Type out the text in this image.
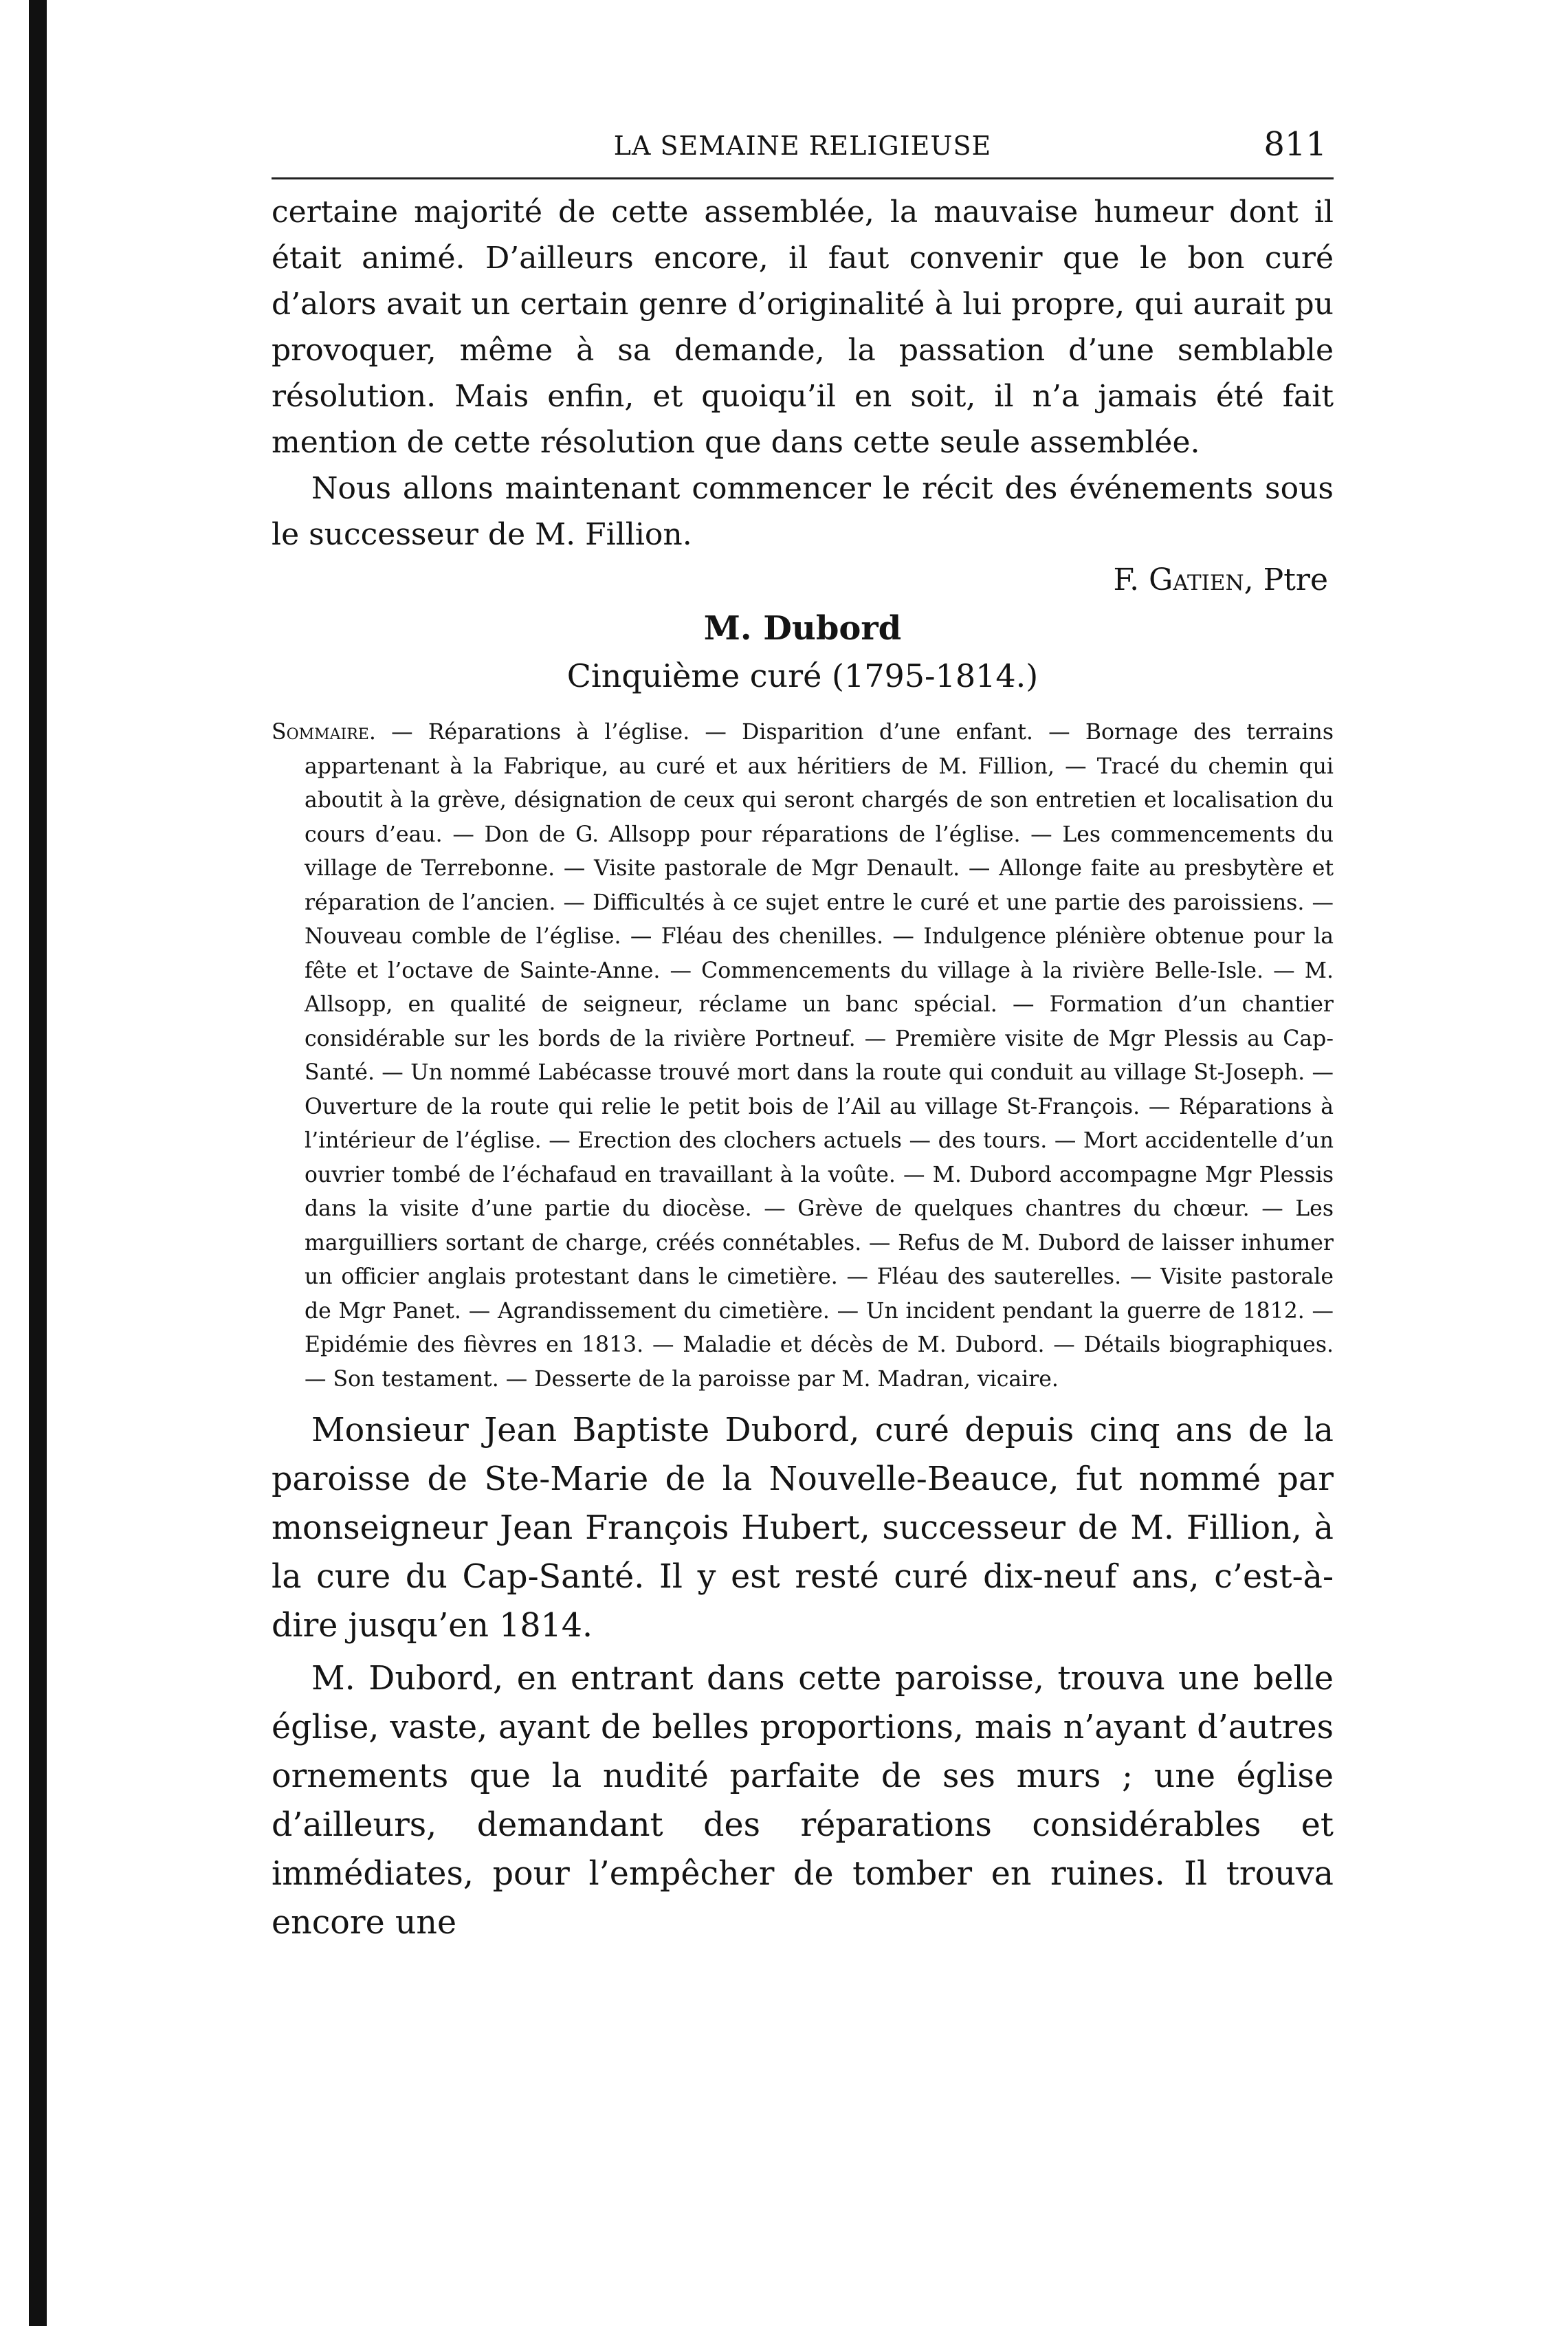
LA SEMAINE RELIGIEUSE	811

certaine majorité de cette assemblée, la mauvaise humeur dont il était animé. D’ailleurs encore, il faut convenir que le bon curé d’alors avait un certain genre d’originalité à lui propre, qui aurait pu provoquer, même à sa demande, la passation d’une semblable résolution. Mais enfin, et quoiqu’il en soit, il n’a jamais été fait mention de cette résolution que dans cette seule assemblée.

Nous allons maintenant commencer le récit des événements sous le successeur de M. Fillion.

F. Gatien, Ptre
M. Dubord
Cinquième curé (1795-1814.)

Sommaire. — Réparations à l’église. — Disparition d’une enfant. — Bornage des terrains appartenant à la Fabrique, au curé et aux héritiers de M. Fillion, — Tracé du chemin qui aboutit à la grève, désignation de ceux qui seront chargés de son entretien et localisation du cours d’eau. — Don de G. Allsopp pour réparations de l’église. — Les commencements du village de Terrebonne. — Visite pastorale de Mgr Denault. — Allonge faite au presbytère et réparation de l’ancien. — Difficultés à ce sujet entre le curé et une partie des paroissiens. — Nouveau comble de l’église. — Fléau des chenilles. — Indulgence plénière obtenue pour la fête et l’octave de Sainte-Anne. — Commencements du village à la rivière Belle-Isle. — M. Allsopp, en qualité de seigneur, réclame un banc spécial. — Formation d’un chantier considérable sur les bords de la rivière Portneuf. — Première visite de Mgr Plessis au Cap-Santé. — Un nommé Labécasse trouvé mort dans la route qui conduit au village St-Joseph. — Ouverture de la route qui relie le petit bois de l’Ail au village St-François. — Réparations à l’intérieur de l’église. — Erection des clochers actuels — des tours. — Mort accidentelle d’un ouvrier tombé de l’échafaud en travaillant à la voûte. — M. Dubord accompagne Mgr Plessis dans la visite d’une partie du diocèse. — Grève de quelques chantres du chœur. — Les marguilliers sortant de charge, créés connétables. — Refus de M. Dubord de laisser inhumer un officier anglais protestant dans le cimetière. — Fléau des sauterelles. — Visite pastorale de Mgr Panet. — Agrandissement du cimetière. — Un incident pendant la guerre de 1812. — Epidémie des fièvres en 1813. — Maladie et décès de M. Dubord. — Détails biographiques. — Son testament. — Desserte de la paroisse par M. Madran, vicaire.

Monsieur Jean Baptiste Dubord, curé depuis cinq ans de la paroisse de Ste-Marie de la Nouvelle-Beauce, fut nommé par monseigneur Jean François Hubert, successeur de M. Fillion, à la cure du Cap-Santé. Il y est resté curé dix-neuf ans, c’est-à-dire jusqu’en 1814.

M. Dubord, en entrant dans cette paroisse, trouva une belle église, vaste, ayant de belles proportions, mais n’ayant d’autres ornements que la nudité parfaite de ses murs ; une église d’ailleurs, demandant des réparations considérables et immédiates, pour l’empêcher de tomber en ruines. Il trouva encore une
